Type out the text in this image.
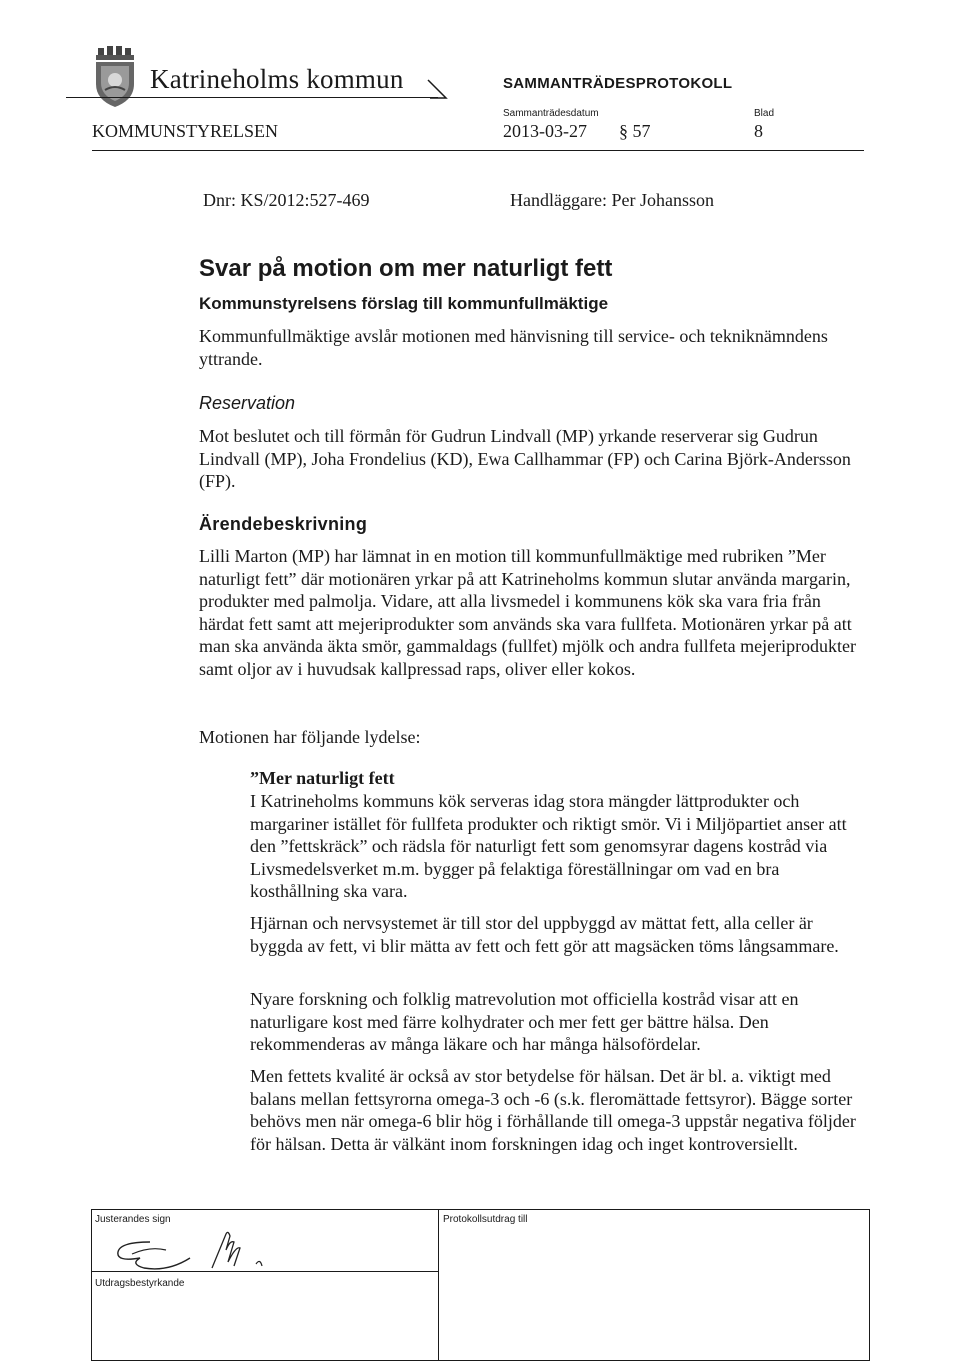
Katrineholms kommun	SAMMANTRÄDESPROTOKOLL
KOMMUNSTYRELSEN
Sammanträdesdatum
2013-03-27 § 57
Blad
8
Dnr: KS/2012:527-469	Handläggare: Per Johansson
Svar på motion om mer naturligt fett
Kommunstyrelsens förslag till kommunfullmäktige
Kommunfullmäktige avslår motionen med hänvisning till service- och tekniknämndens yttrande.
Reservation
Mot beslutet och till förmån för Gudrun Lindvall (MP) yrkande reserverar sig Gudrun Lindvall (MP), Joha Frondelius (KD), Ewa Callhammar (FP) och Carina Björk-Andersson (FP).
Ärendebeskrivning
Lilli Marton (MP) har lämnat in en motion till kommunfullmäktige med rubriken ”Mer naturligt fett” där motionären yrkar på att Katrineholms kommun slutar använda margarin, produkter med palmolja. Vidare, att alla livsmedel i kommunens kök ska vara fria från härdat fett samt att mejeriprodukter som används ska vara fullfeta. Motionären yrkar på att man ska använda äkta smör, gammaldags (fullfet) mjölk och andra fullfeta mejeriprodukter samt oljor av i huvudsak kallpressad raps, oliver eller kokos.
Motionen har följande lydelse:
”Mer naturligt fett
I Katrineholms kommuns kök serveras idag stora mängder lättprodukter och margariner istället för fullfeta produkter och riktigt smör. Vi i Miljöpartiet anser att den ”fettskräck” och rädsla för naturligt fett som genomsyrar dagens kostråd via Livsmedelsverket m.m. bygger på felaktiga föreställningar om vad en bra kosthållning ska vara.
Hjärnan och nervsystemet är till stor del uppbyggd av mättat fett, alla celler är byggda av fett, vi blir mätta av fett och fett gör att magsäcken töms långsammare.
Nyare forskning och folklig matrevolution mot officiella kostråd visar att en naturligare kost med färre kolhydrater och mer fett ger bättre hälsa. Den rekommenderas av många läkare och har många hälsofördelar.
Men fettets kvalité är också av stor betydelse för hälsan. Det är bl. a. viktigt med balans mellan fettsyrorna omega-3 och -6 (s.k. fleromättade fettsyror). Bägge sorter behövs men när omega-6 blir hög i förhållande till omega-3 uppstår negativa följder för hälsan. Detta är välkänt inom forskningen idag och inget kontroversiellt.
Justerandes sign
Utdragsbestyrkande
Protokollsutdrag till
